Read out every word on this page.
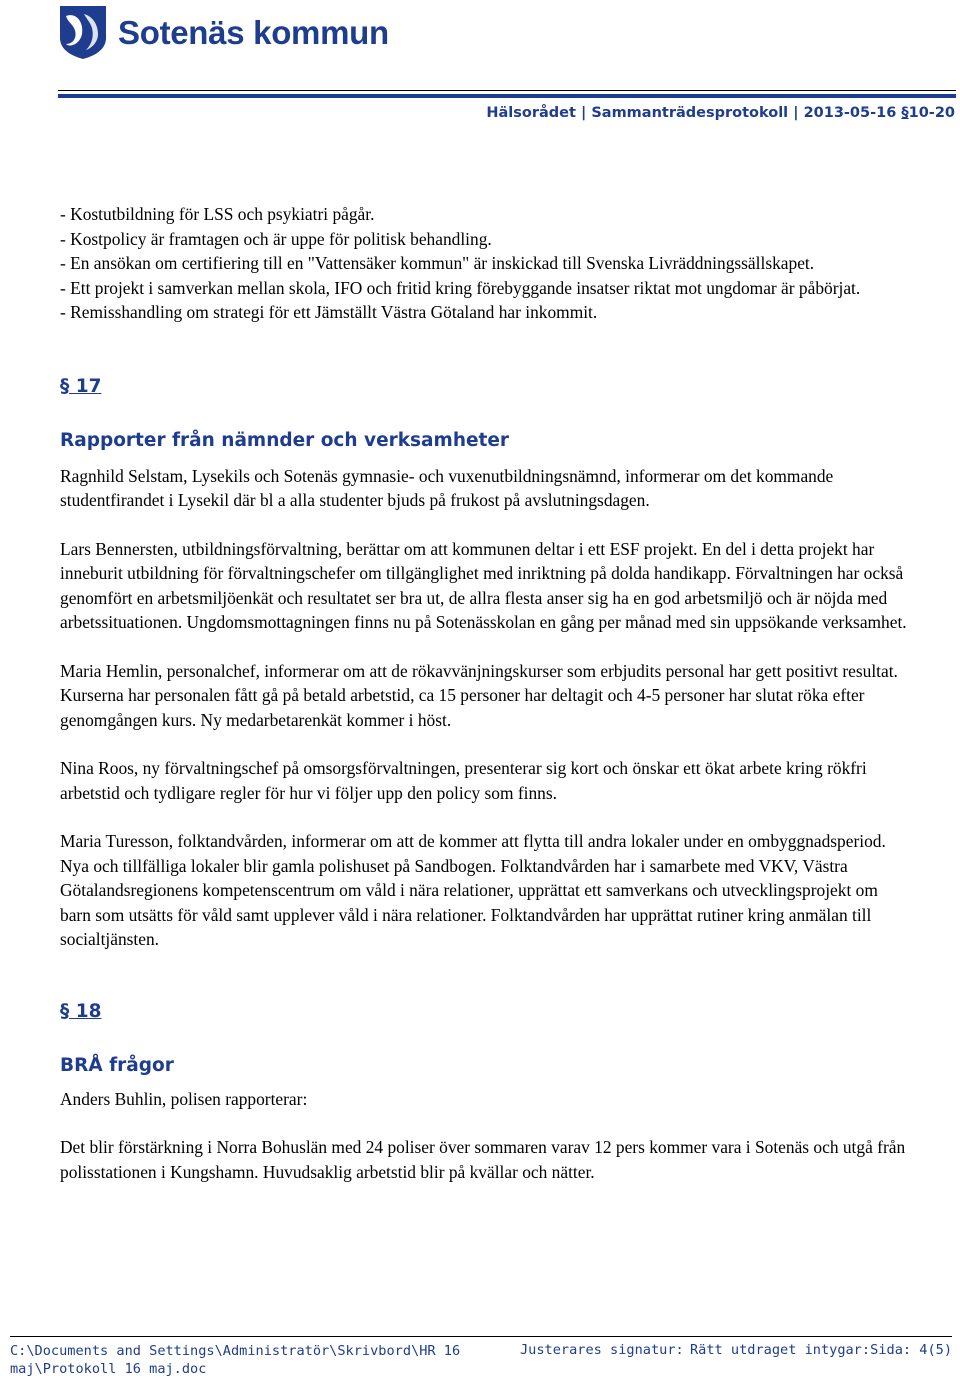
Sotenäs kommun
Hälsorådet | Sammanträdesprotokoll | 2013-05-16 §10-20

- Kostutbildning för LSS och psykiatri pågår.

- Kostpolicy är framtagen och är uppe för politisk behandling.

- En ansökan om certifiering till en "Vattensäker kommun" är inskickad till Svenska Livräddningssällskapet.

- Ett projekt i samverkan mellan skola, IFO och fritid kring förebyggande insatser riktat mot ungdomar är påbörjat.

- Remisshandling om strategi för ett Jämställt Västra Götaland har inkommit.

§ 17
Rapporter från nämnder och verksamheter

Ragnhild Selstam, Lysekils och Sotenäs gymnasie- och vuxenutbildningsnämnd, informerar om det kommande studentfirandet i Lysekil där bl a alla studenter bjuds på frukost på avslutningsdagen.

Lars Bennersten, utbildningsförvaltning, berättar om att kommunen deltar i ett ESF projekt. En del i detta projekt har inneburit utbildning för förvaltningschefer om tillgänglighet med inriktning på dolda handikapp. Förvaltningen har också genomfört en arbetsmiljöenkät och resultatet ser bra ut, de allra flesta anser sig ha en god arbetsmiljö och är nöjda med arbetssituationen. Ungdomsmottagningen finns nu på Sotenässkolan en gång per månad med sin uppsökande verksamhet.

Maria Hemlin, personalchef, informerar om att de rökavvänjningskurser som erbjudits personal har gett positivt resultat. Kurserna har personalen fått gå på betald arbetstid, ca 15 personer har deltagit och 4-5 personer har slutat röka efter genomgången kurs. Ny medarbetarenkät kommer i höst.

Nina Roos, ny förvaltningschef på omsorgsförvaltningen, presenterar sig kort och önskar ett ökat arbete kring rökfri arbetstid och tydligare regler för hur vi följer upp den policy som finns.

Maria Turesson, folktandvården, informerar om att de kommer att flytta till andra lokaler under en ombyggnadsperiod. Nya och tillfälliga lokaler blir gamla polishuset på Sandbogen. Folktandvården har i samarbete med VKV, Västra Götalandsregionens kompetenscentrum om våld i nära relationer, upprättat ett samverkans och utvecklingsprojekt om barn som utsätts för våld samt upplever våld i nära relationer. Folktandvården har upprättat rutiner kring anmälan till socialtjänsten.

§ 18
BRÅ frågor

Anders Buhlin, polisen rapporterar:

Det blir förstärkning i Norra Bohuslän med 24 poliser över sommaren varav 12 pers kommer vara i Sotenäs och utgå från polisstationen i Kungshamn. Huvudsaklig arbetstid blir på kvällar och nätter.

C:\Documents and Settings\Administratör\Skrivbord\HR 16 maj\Protokoll 16 maj.doc
Justerares signatur: Rätt utdraget intygar: Sida: 4(5)
